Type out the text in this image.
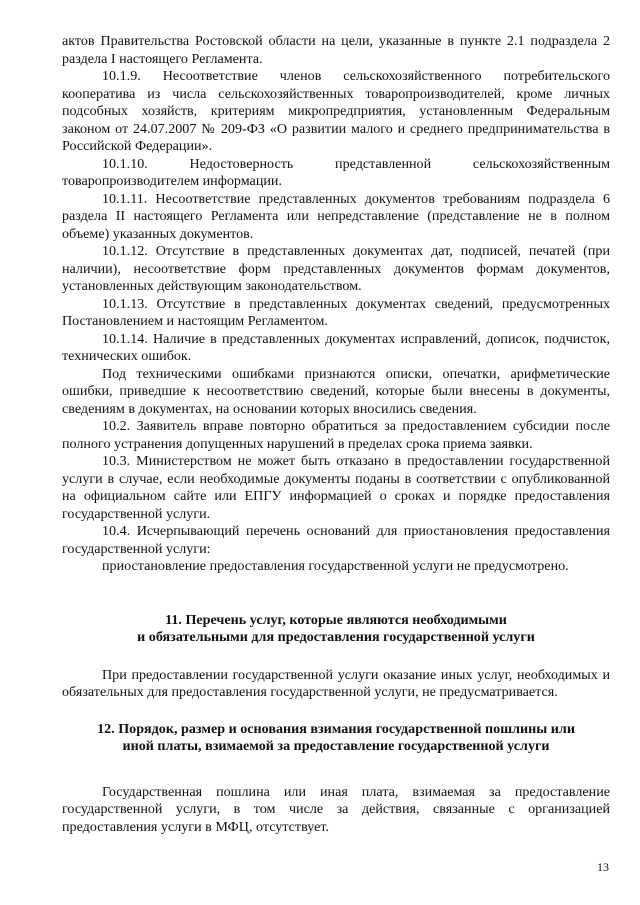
актов Правительства Ростовской области на цели, указанные в пункте 2.1 подраздела 2 раздела I настоящего Регламента.

10.1.9. Несоответствие членов сельскохозяйственного потребительского кооператива из числа сельскохозяйственных товаропроизводителей, кроме личных подсобных хозяйств, критериям микропредприятия, установленным Федеральным законом от 24.07.2007 № 209-ФЗ «О развитии малого и среднего предпринимательства в Российской Федерации».

10.1.10. Недостоверность представленной сельскохозяйственным товаропроизводителем информации.

10.1.11. Несоответствие представленных документов требованиям подраздела 6 раздела II настоящего Регламента или непредставление (представление не в полном объеме) указанных документов.

10.1.12. Отсутствие в представленных документах дат, подписей, печатей (при наличии), несоответствие форм представленных документов формам документов, установленных действующим законодательством.

10.1.13. Отсутствие в представленных документах сведений, предусмотренных Постановлением и настоящим Регламентом.

10.1.14. Наличие в представленных документах исправлений, дописок, подчисток, технических ошибок.

Под техническими ошибками признаются описки, опечатки, арифметические ошибки, приведшие к несоответствию сведений, которые были внесены в документы, сведениям в документах, на основании которых вносились сведения.

10.2. Заявитель вправе повторно обратиться за предоставлением субсидии после полного устранения допущенных нарушений в пределах срока приема заявки.

10.3. Министерством не может быть отказано в предоставлении государственной услуги в случае, если необходимые документы поданы в соответствии с опубликованной на официальном сайте или ЕПГУ информацией о сроках и порядке предоставления государственной услуги.

10.4. Исчерпывающий перечень оснований для приостановления предоставления государственной услуги:

приостановление предоставления государственной услуги не предусмотрено.

11. Перечень услуг, которые являются необходимыми
и обязательными для предоставления государственной услуги

При предоставлении государственной услуги оказание иных услуг, необходимых и обязательных для предоставления государственной услуги, не предусматривается.

12. Порядок, размер и основания взимания государственной пошлины или
иной платы, взимаемой за предоставление государственной услуги

Государственная пошлина или иная плата, взимаемая за предоставление государственной услуги, в том числе за действия, связанные с организацией предоставления услуги в МФЦ, отсутствует.

13
